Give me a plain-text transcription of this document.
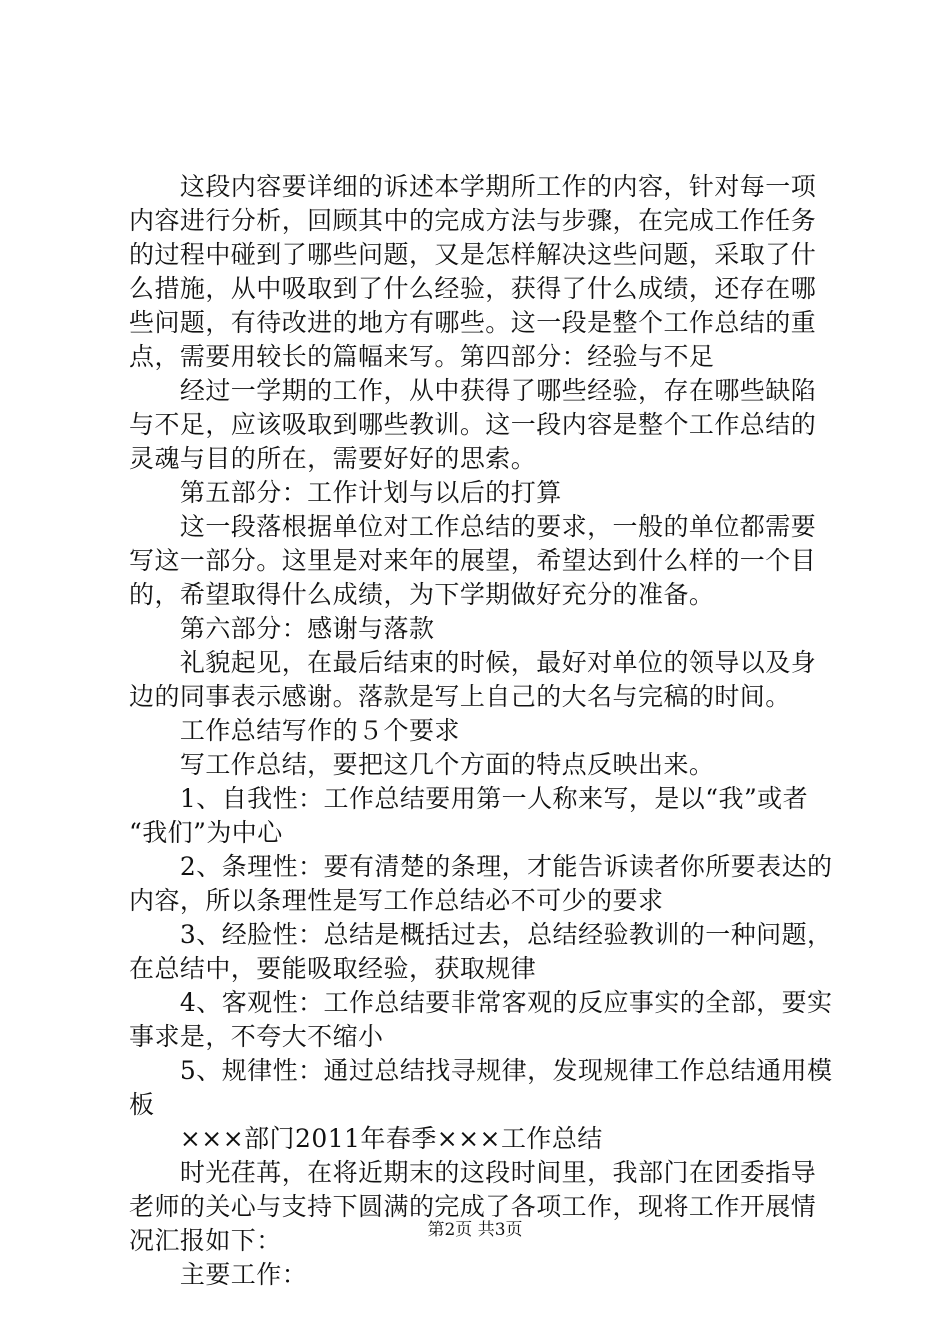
　　这段内容要详细的诉述本学期所工作的内容，针对每一项
内容进行分析，回顾其中的完成方法与步骤，在完成工作任务
的过程中碰到了哪些问题，又是怎样解决这些问题，采取了什
么措施，从中吸取到了什么经验，获得了什么成绩，还存在哪
些问题，有待改进的地方有哪些。这一段是整个工作总结的重
点，需要用较长的篇幅来写。第四部分：经验与不足
　　经过一学期的工作，从中获得了哪些经验，存在哪些缺陷
与不足，应该吸取到哪些教训。这一段内容是整个工作总结的
灵魂与目的所在，需要好好的思索。
　　第五部分：工作计划与以后的打算
　　这一段落根据单位对工作总结的要求，一般的单位都需要
写这一部分。这里是对来年的展望，希望达到什么样的一个目
的，希望取得什么成绩，为下学期做好充分的准备。
　　第六部分：感谢与落款
　　礼貌起见，在最后结束的时候，最好对单位的领导以及身
边的同事表示感谢。落款是写上自己的大名与完稿的时间。
　　工作总结写作的５个要求
　　写工作总结，要把这几个方面的特点反映出来。
　　1、自我性：工作总结要用第一人称来写，是以“我”或者
“我们”为中心
　　2、条理性：要有清楚的条理，才能告诉读者你所要表达的
内容，所以条理性是写工作总结必不可少的要求
　　3、经脸性：总结是概括过去，总结经验教训的一种问题，
在总结中，要能吸取经验，获取规律
　　4、客观性：工作总结要非常客观的反应事实的全部，要实
事求是，不夸大不缩小
　　5、规律性：通过总结找寻规律，发现规律工作总结通用模
板
　　×××部门2011年春季×××工作总结
　　时光荏苒，在将近期末的这段时间里，我部门在团委指导
老师的关心与支持下圆满的完成了各项工作，现将工作开展情
况汇报如下：
　　主要工作：
第2页 共3页
